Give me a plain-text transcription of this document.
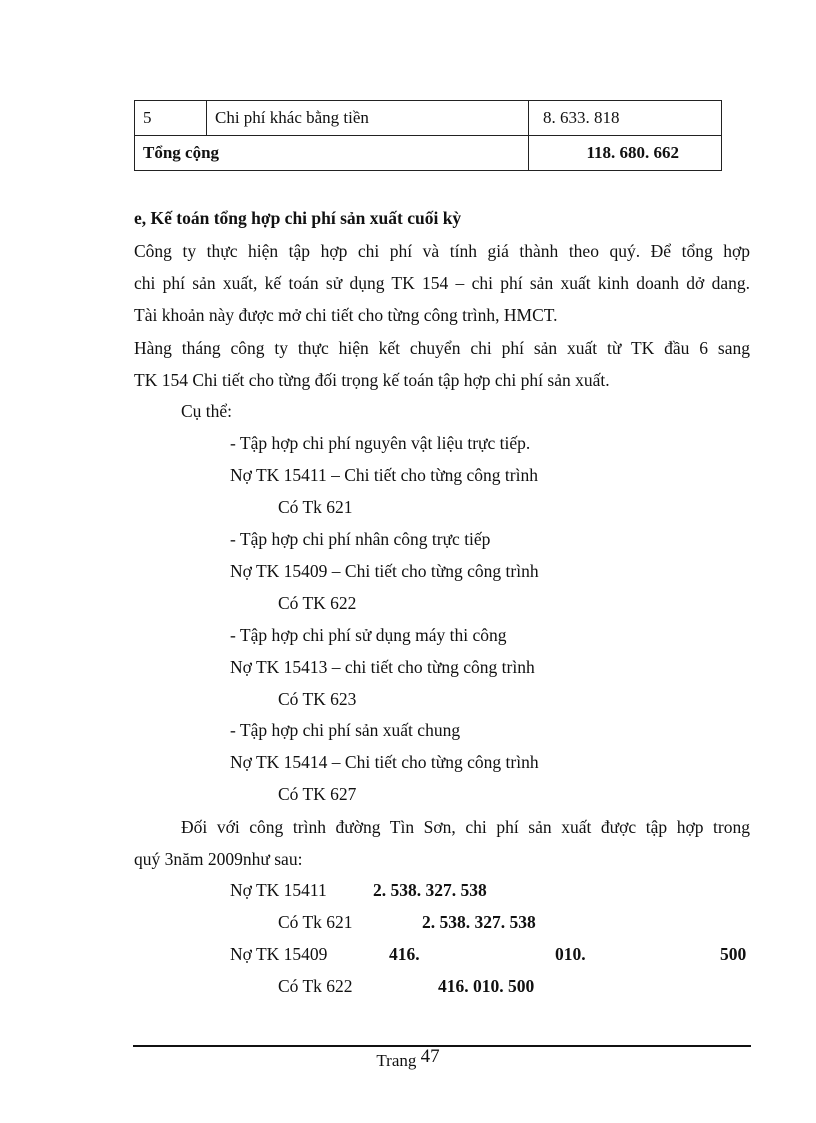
5	Chi phí khác bằng tiền	8. 633. 818
Tổng cộng		118. 680. 662
e, Kế toán tổng hợp chi phí sản xuất cuối kỳ
Công ty thực hiện tập hợp chi phí và tính giá thành theo quý. Để tổng hợp
chi phí sản xuất, kế toán sử dụng TK 154 – chi phí sản xuất kinh doanh dở dang.
Tài khoản này được mở chi tiết cho từng công trình, HMCT.
Hàng tháng công ty thực hiện kết chuyển chi phí sản xuất từ TK đầu 6 sang
TK 154 Chi tiết cho từng đối trọng kế toán tập hợp chi phí sản xuất.
Cụ thể:
- Tập hợp chi phí nguyên vật liệu trực tiếp.
Nợ TK 15411 – Chi tiết cho từng công trình
Có Tk 621
- Tập hợp chi phí nhân công trực tiếp
Nợ TK 15409 – Chi tiết cho từng công trình
Có TK 622
- Tập hợp chi phí sử dụng máy thi công
Nợ TK 15413 – chi tiết cho từng công trình
Có TK 623
- Tập hợp chi phí sản xuất chung
Nợ TK 15414 – Chi tiết cho từng công trình
Có TK 627
Đối với công trình đường Tìn Sơn, chi phí sản xuất được tập hợp trong
quý 3năm 2009như sau:
Nợ TK 15411	2. 538. 327. 538
Có Tk 621	2. 538. 327. 538
Nợ TK 15409	416.	010.	500
Có Tk 622	416. 010. 500
Trang 47
